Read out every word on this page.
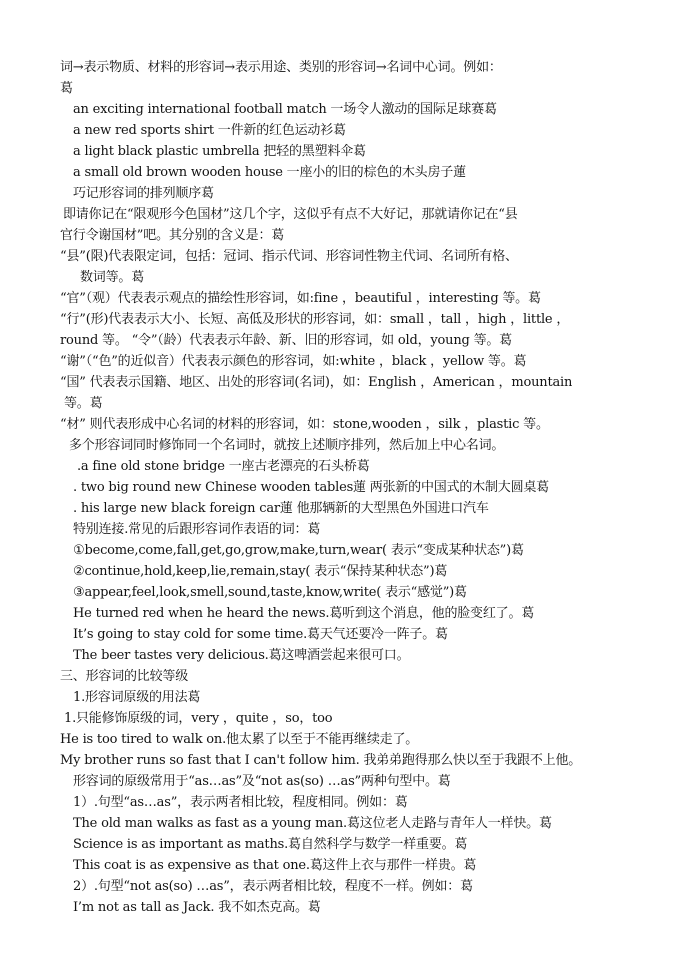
词→表示物质、材料的形容词→表示用途、类别的形容词→名词中心词。例如：
葛
an exciting international football match 一场令人激动的国际足球赛葛
a new red sports shirt 一件新的红色运动衫葛
a light black plastic umbrella 把轻的黑塑料伞葛
a small old brown wooden house 一座小的旧的棕色的木头房子蓮
巧记形容词的排列顺序葛
即请你记在“限观形今色国材”这几个字，这似乎有点不大好记，那就请你记在“县
官行令谢国材”吧。其分别的含义是：葛
“县”(限)代表限定词，包括：冠词、指示代词、形容词性物主代词、名词所有格、
数词等。葛
“官”（观）代表表示观点的描绘性形容词，如:fine ，beautiful ，interesting 等。葛
“行”(形)代表表示大小、长短、高低及形状的形容词，如：small ，tall ，high ，little ，
round 等。 “令”（龄）代表表示年龄、新、旧的形容词，如 old，young 等。葛
“谢”（“色”的近似音）代表表示颜色的形容词，如:white ，black ，yellow 等。葛
“国” 代表表示国籍、地区、出处的形容词(名词)，如：English ，American ，mountain
等。葛
“材” 则代表形成中心名词的材料的形容词，如：stone,wooden ，silk ，plastic 等。
多个形容词同时修饰同一个名词时，就按上述顺序排列，然后加上中心名词。
.a fine old stone bridge 一座古老漂亮的石头桥葛
. two big round new Chinese wooden tables蓮 两张新的中国式的木制大圆桌葛
. his large new black foreign car蓮 他那辆新的大型黑色外国进口汽车
特别连接.常见的后跟形容词作表语的词：葛
①become,come,fall,get,go,grow,make,turn,wear( 表示“变成某种状态”)葛
②continue,hold,keep,lie,remain,stay( 表示“保持某种状态”)葛
③appear,feel,look,smell,sound,taste,know,write( 表示“感觉”)葛
He turned red when he heard the news.葛听到这个消息，他的脸变红了。葛
It’s going to stay cold for some time.葛天气还要冷一阵子。葛
The beer tastes very delicious.葛这啤酒尝起来很可口。
三、形容词的比较等级
1.形容词原级的用法葛
1.只能修饰原级的词，very ，quite ，so，too
He is too tired to walk on.他太累了以至于不能再继续走了。
My brother runs so fast that I can't follow him. 我弟弟跑得那么快以至于我跟不上他。
形容词的原级常用于“as…as”及“not as(so) …as”两种句型中。葛
1）.句型“as…as”，表示两者相比较，程度相同。例如：葛
The old man walks as fast as a young man.葛这位老人走路与青年人一样快。葛
Science is as important as maths.葛自然科学与数学一样重要。葛
This coat is as expensive as that one.葛这件上衣与那件一样贵。葛
2）.句型“not as(so) …as”，表示两者相比较，程度不一样。例如：葛
I’m not as tall as Jack. 我不如杰克高。葛
